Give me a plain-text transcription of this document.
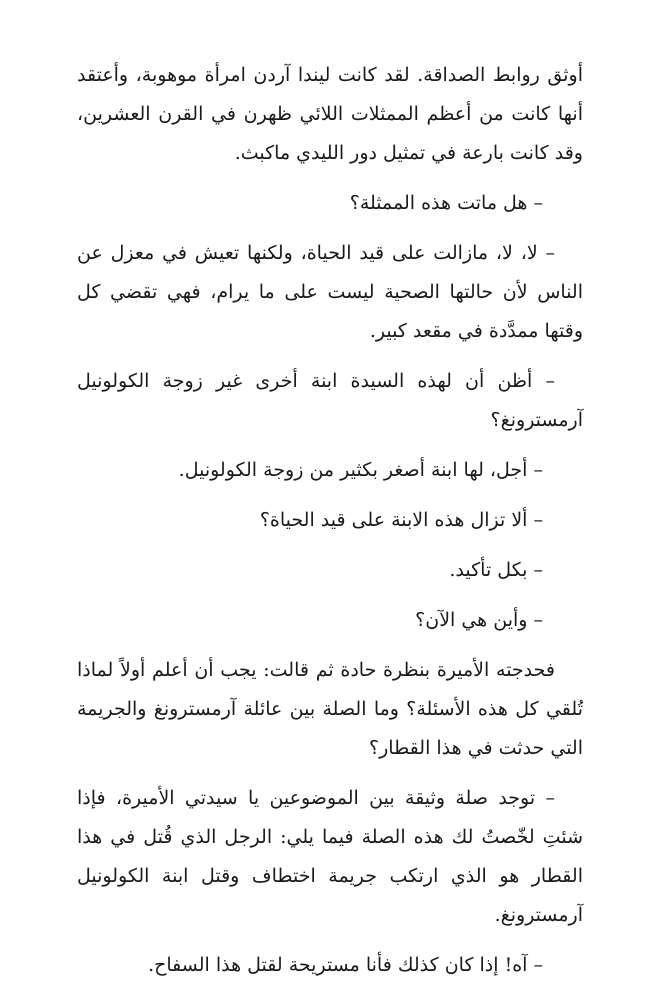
أوثق روابط الصداقة. لقد كانت ليندا آردن امرأة موهوبة، وأعتقد أنها كانت من أعظم الممثلات اللائي ظهرن في القرن العشرين، وقد كانت بارعة في تمثيل دور الليدي ماكبث.

– هل ماتت هذه الممثلة؟

– لا، لا، مازالت على قيد الحياة، ولكنها تعيش في معزل عن الناس لأن حالتها الصحية ليست على ما يرام، فهي تقضي كل وقتها ممدَّدة في مقعد كبير.

– أظن أن لهذه السيدة ابنة أخرى غير زوجة الكولونيل آرمسترونغ؟

– أجل، لها ابنة أصغر بكثير من زوجة الكولونيل.

– ألا تزال هذه الابنة على قيد الحياة؟

– بكل تأكيد.

– وأين هي الآن؟

فحدجته الأميرة بنظرة حادة ثم قالت: يجب أن أعلم أولاً لماذا تُلقي كل هذه الأسئلة؟ وما الصلة بين عائلة آرمسترونغ والجريمة التي حدثت في هذا القطار؟

– توجد صلة وثيقة بين الموضوعين يا سيدتي الأميرة، فإذا شئتِ لخّصتُ لك هذه الصلة فيما يلي: الرجل الذي قُتل في هذا القطار هو الذي ارتكب جريمة اختطاف وقتل ابنة الكولونيل آرمسترونغ.

– آه! إذا كان كذلك فأنا مستريحة لقتل هذا السفاح.
